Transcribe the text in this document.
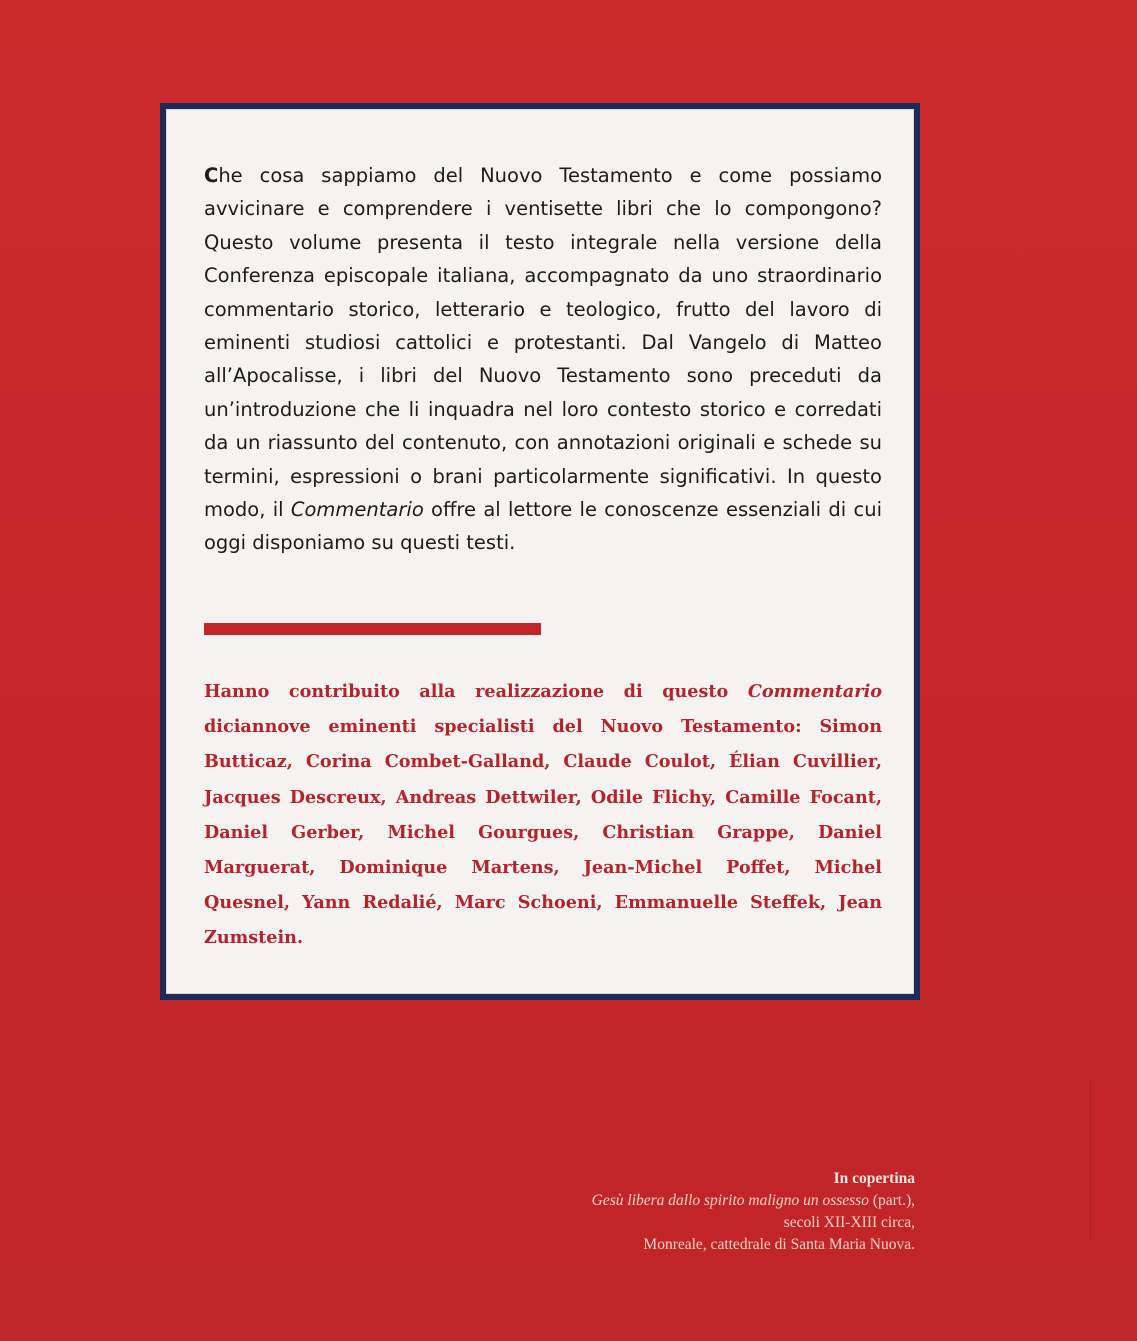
Che cosa sappiamo del Nuovo Testamento e come possiamo avvicinare e comprendere i ventisette libri che lo compongono? Questo volume presenta il testo integrale nella versione della Conferenza episcopale italiana, accompagnato da uno straordinario commentario storico, letterario e teologico, frutto del lavoro di eminenti studiosi cattolici e protestanti. Dal Vangelo di Matteo all’Apocalisse, i libri del Nuovo Testamento sono preceduti da un’introduzione che li inquadra nel loro contesto storico e corredati da un riassunto del contenuto, con annotazioni originali e schede su termini, espressioni o brani particolarmente significativi. In questo modo, il Commentario offre al lettore le conoscenze essenziali di cui oggi disponiamo su questi testi.

Hanno contribuito alla realizzazione di questo Commentario diciannove eminenti specialisti del Nuovo Testamento: Simon Butticaz, Corina Combet-Galland, Claude Coulot, Élian Cuvillier, Jacques Descreux, Andreas Dettwiler, Odile Flichy, Camille Focant, Daniel Gerber, Michel Gourgues, Christian Grappe, Daniel Marguerat, Dominique Martens, Jean-Michel Poffet, Michel Quesnel, Yann Redalié, Marc Schoeni, Emmanuelle Steffek, Jean Zumstein.

In copertina
Gesù libera dallo spirito maligno un ossesso (part.),
secoli XII-XIII circa,
Monreale, cattedrale di Santa Maria Nuova.
